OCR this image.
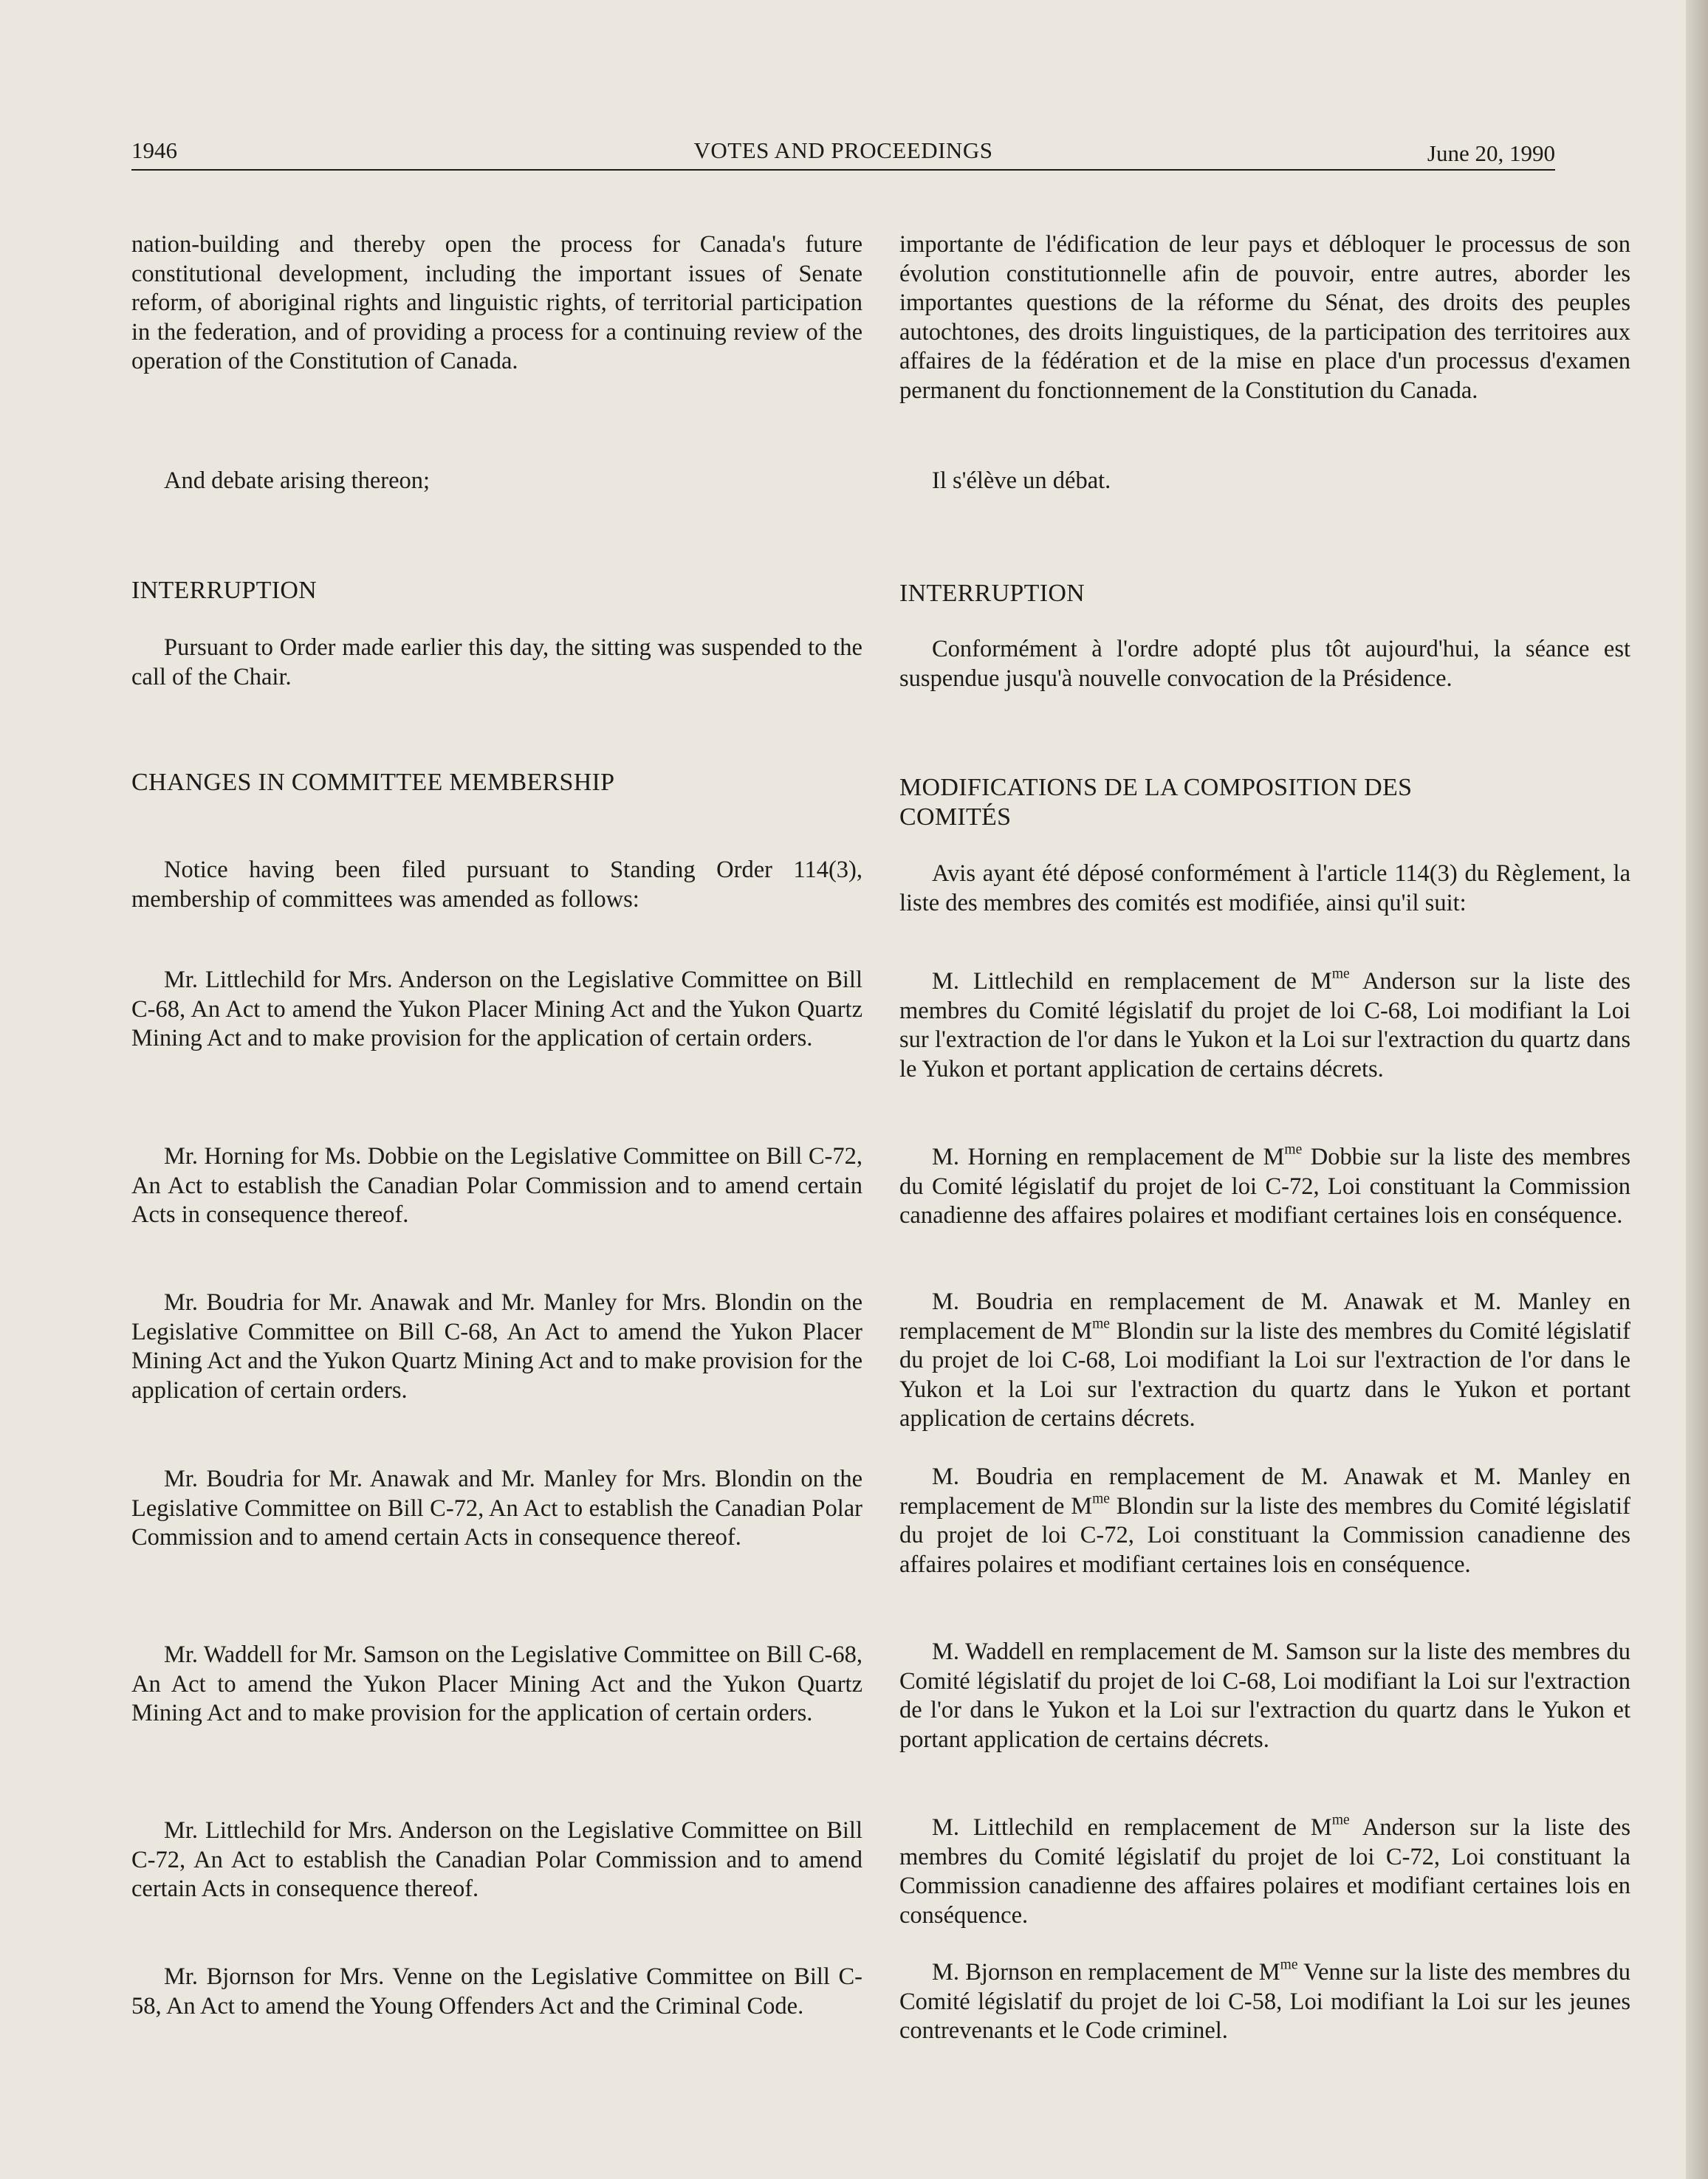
1946	VOTES AND PROCEEDINGS	June 20, 1990

nation-building and thereby open the process for Canada's future constitutional development, including the important issues of Senate reform, of aboriginal rights and linguistic rights, of territorial participation in the federation, and of providing a process for a continuing review of the operation of the Constitution of Canada.

And debate arising thereon;

INTERRUPTION

Pursuant to Order made earlier this day, the sitting was suspended to the call of the Chair.

CHANGES IN COMMITTEE MEMBERSHIP

Notice having been filed pursuant to Standing Order 114(3), membership of committees was amended as follows:

Mr. Littlechild for Mrs. Anderson on the Legislative Committee on Bill C-68, An Act to amend the Yukon Placer Mining Act and the Yukon Quartz Mining Act and to make provision for the application of certain orders.

Mr. Horning for Ms. Dobbie on the Legislative Committee on Bill C-72, An Act to establish the Canadian Polar Commission and to amend certain Acts in consequence thereof.

Mr. Boudria for Mr. Anawak and Mr. Manley for Mrs. Blondin on the Legislative Committee on Bill C-68, An Act to amend the Yukon Placer Mining Act and the Yukon Quartz Mining Act and to make provision for the application of certain orders.

Mr. Boudria for Mr. Anawak and Mr. Manley for Mrs. Blondin on the Legislative Committee on Bill C-72, An Act to establish the Canadian Polar Commission and to amend certain Acts in consequence thereof.

Mr. Waddell for Mr. Samson on the Legislative Committee on Bill C-68, An Act to amend the Yukon Placer Mining Act and the Yukon Quartz Mining Act and to make provision for the application of certain orders.

Mr. Littlechild for Mrs. Anderson on the Legislative Committee on Bill C-72, An Act to establish the Canadian Polar Commission and to amend certain Acts in consequence thereof.

Mr. Bjornson for Mrs. Venne on the Legislative Committee on Bill C-58, An Act to amend the Young Offenders Act and the Criminal Code.

importante de l'édification de leur pays et débloquer le processus de son évolution constitutionnelle afin de pouvoir, entre autres, aborder les importantes questions de la réforme du Sénat, des droits des peuples autochtones, des droits linguistiques, de la participation des territoires aux affaires de la fédération et de la mise en place d'un processus d'examen permanent du fonctionnement de la Constitution du Canada.

Il s'élève un débat.

INTERRUPTION

Conformément à l'ordre adopté plus tôt aujourd'hui, la séance est suspendue jusqu'à nouvelle convocation de la Présidence.

MODIFICATIONS DE LA COMPOSITION DES COMITÉS

Avis ayant été déposé conformément à l'article 114(3) du Règlement, la liste des membres des comités est modifiée, ainsi qu'il suit:

M. Littlechild en remplacement de $M^{me}$ Anderson sur la liste des membres du Comité législatif du projet de loi C-68, Loi modifiant la Loi sur l'extraction de l'or dans le Yukon et la Loi sur l'extraction du quartz dans le Yukon et portant application de certains décrets.

M. Horning en remplacement de $M^{me}$ Dobbie sur la liste des membres du Comité législatif du projet de loi C-72, Loi constituant la Commission canadienne des affaires polaires et modifiant certaines lois en conséquence.

M. Boudria en remplacement de M. Anawak et M. Manley en remplacement de $M^{me}$ Blondin sur la liste des membres du Comité législatif du projet de loi C-68, Loi modifiant la Loi sur l'extraction de l'or dans le Yukon et la Loi sur l'extraction du quartz dans le Yukon et portant application de certains décrets.

M. Boudria en remplacement de M. Anawak et M. Manley en remplacement de $M^{me}$ Blondin sur la liste des membres du Comité législatif du projet de loi C-72, Loi constituant la Commission canadienne des affaires polaires et modifiant certaines lois en conséquence.

M. Waddell en remplacement de M. Samson sur la liste des membres du Comité législatif du projet de loi C-68, Loi modifiant la Loi sur l'extraction de l'or dans le Yukon et la Loi sur l'extraction du quartz dans le Yukon et portant application de certains décrets.

M. Littlechild en remplacement de $M^{me}$ Anderson sur la liste des membres du Comité législatif du projet de loi C-72, Loi constituant la Commission canadienne des affaires polaires et modifiant certaines lois en conséquence.

M. Bjornson en remplacement de $M^{me}$ Venne sur la liste des membres du Comité législatif du projet de loi C-58, Loi modifiant la Loi sur les jeunes contrevenants et le Code criminel.
